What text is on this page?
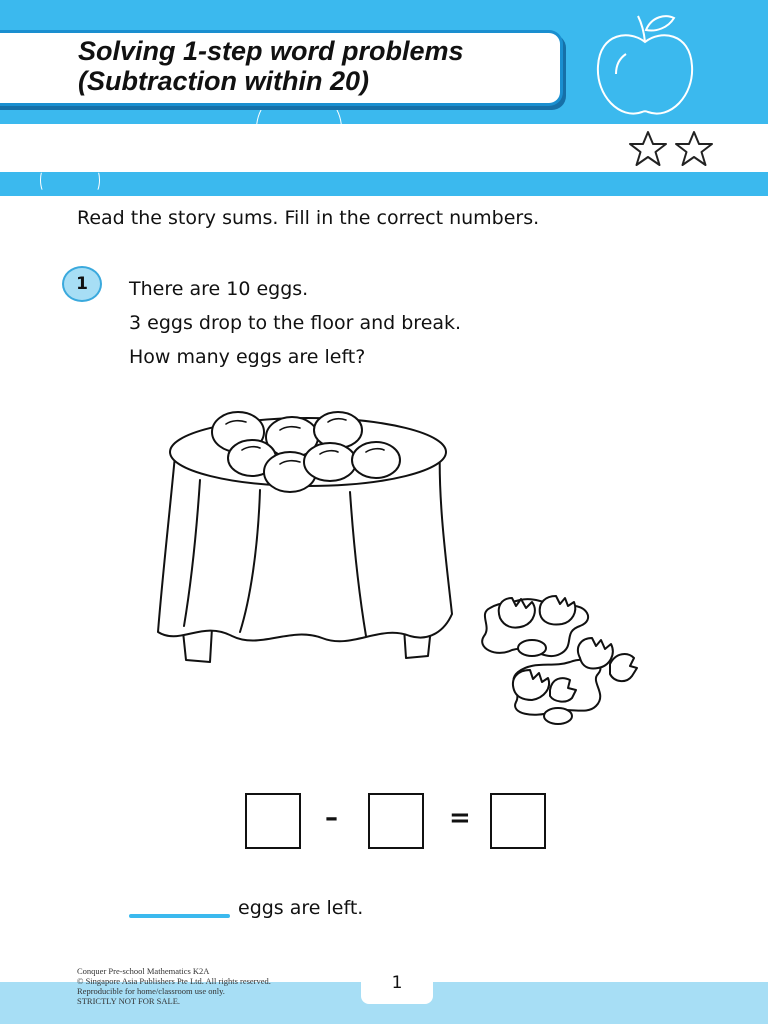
Solving 1-step word problems
(Subtraction within 20)
Read the story sums. Fill in the correct numbers.
1 There are 10 eggs.
3 eggs drop to the floor and break.
How many eggs are left?
–	=
eggs are left.
Conquer Pre-school Mathematics K2A
© Singapore Asia Publishers Pte Ltd. All rights reserved.
Reproducible for home/classroom use only.
STRICTLY NOT FOR SALE.
1
